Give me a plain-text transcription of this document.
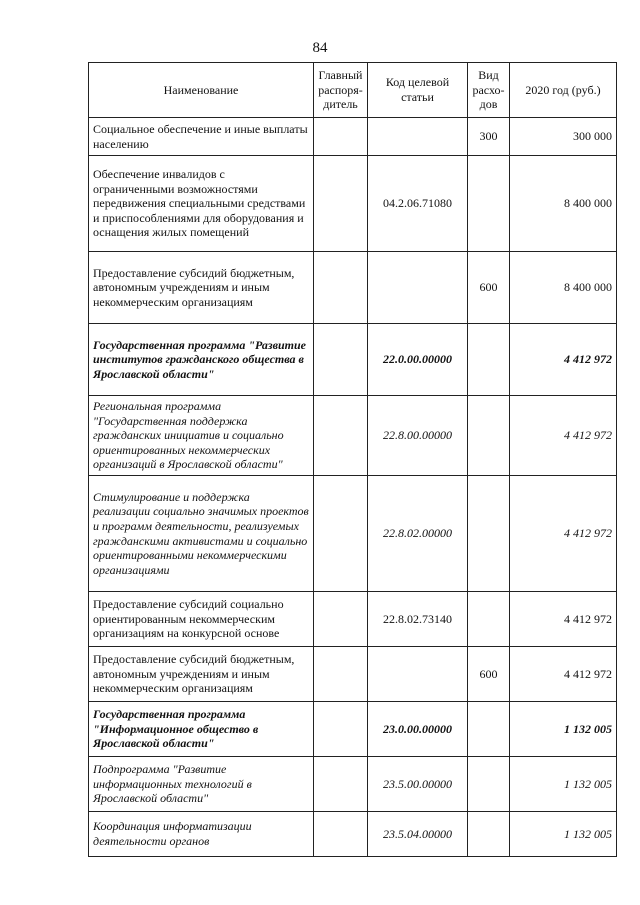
84
Наименование	Главный распоря-дитель	Код целевой статьи	Вид расхо-дов	2020 год (руб.)
Социальное обеспечение и иные выплаты населению			300	300 000
Обеспечение инвалидов с ограниченными возможностями передвижения специальными средствами и приспособлениями для оборудования и оснащения жилых помещений		04.2.06.71080		8 400 000
Предоставление субсидий бюджетным, автономным учреждениям и иным некоммерческим организациям			600	8 400 000
Государственная программа "Развитие институтов гражданского общества в Ярославской области"		22.0.00.00000		4 412 972
Региональная программа "Государственная поддержка гражданских инициатив и социально ориентированных некоммерческих организаций в Ярославской области"		22.8.00.00000		4 412 972
Стимулирование и поддержка реализации социально значимых проектов и программ деятельности, реализуемых гражданскими активистами и социально ориентированными некоммерческими организациями		22.8.02.00000		4 412 972
Предоставление субсидий социально ориентированным некоммерческим организациям на конкурсной основе		22.8.02.73140		4 412 972
Предоставление субсидий бюджетным, автономным учреждениям и иным некоммерческим организациям			600	4 412 972
Государственная программа "Информационное общество в Ярославской области"		23.0.00.00000		1 132 005
Подпрограмма "Развитие информационных технологий в Ярославской области"		23.5.00.00000		1 132 005
Координация информатизации деятельности органов		23.5.04.00000		1 132 005
